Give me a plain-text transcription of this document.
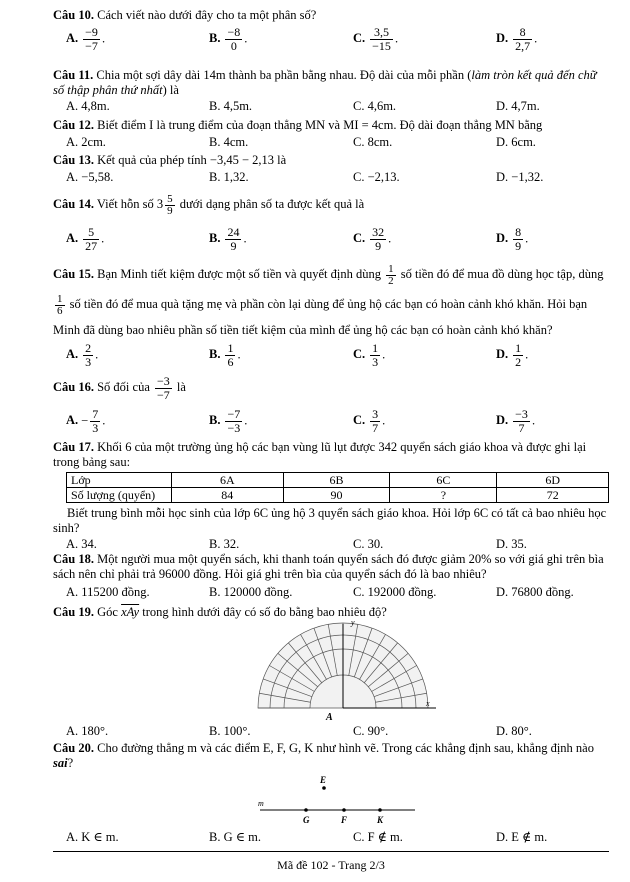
Câu 10. Cách viết nào dưới đây cho ta một phân số?
A. $\frac{-9}{-7}$ .	B. $\frac{-8}{0}$ .	C. $\frac{3,5}{-15}$ .	D. $\frac{8}{2,7}$ .
Câu 11. Chia một sợi dây dài 14m thành ba phần bằng nhau. Độ dài của mỗi phần (làm tròn kết quả đến chữ số thập phân thứ nhất) là
A. 4,8m.	B. 4,5m.	C. 4,6m.	D. 4,7m.
Câu 12. Biết điểm I là trung điểm của đoạn thẳng MN và MI = 4cm. Độ dài đoạn thẳng MN bằng
A. 2cm.	B. 4cm.	C. 8cm.	D. 6cm.
Câu 13. Kết quả của phép tính −3,45 − 2,13 là
A. −5,58.	B. 1,32.	C. −2,13.	D. −1,32.
Câu 14. Viết hỗn số $3 \frac{5}{9}$ dưới dạng phân số ta được kết quả là
A. $\frac{5}{27}$ .	B. $\frac{24}{9}$ .	C. $\frac{32}{9}$ .	D. $\frac{8}{9}$ .
Câu 15. Bạn Minh tiết kiệm được một số tiền và quyết định dùng $\frac{1}{2}$ số tiền đó để mua đồ dùng học tập, dùng
$\frac{1}{6}$ số tiền đó để mua quà tặng mẹ và phần còn lại dùng để ủng hộ các bạn có hoàn cảnh khó khăn. Hỏi bạn
Minh đã dùng bao nhiêu phần số tiền tiết kiệm của mình để ủng hộ các bạn có hoàn cảnh khó khăn?
A. $\frac{2}{3}$ .	B. $\frac{1}{6}$ .	C. $\frac{1}{3}$ .	D. $\frac{1}{2}$ .
Câu 16. Số đối của $\frac{-3}{-7}$ là
A. − $\frac{7}{3}$ .	B. $\frac{-7}{-3}$ .	C. $\frac{3}{7}$ .	D. $\frac{-3}{7}$ .
Câu 17. Khối 6 của một trường ủng hộ các bạn vùng lũ lụt được 342 quyển sách giáo khoa và được ghi lại trong bảng sau:
Lớp	6A	6B	6C	6D
Số lượng (quyển)	84	90	?	72
Biết trung bình mỗi học sinh của lớp 6C ủng hộ 3 quyển sách giáo khoa. Hỏi lớp 6C có tất cả bao nhiêu học sinh?
A. 34.	B. 32.	C. 30.	D. 35.
Câu 18. Một người mua một quyển sách, khi thanh toán quyển sách đó được giảm 20% so với giá ghi trên bìa sách nên chỉ phải trả 96000 đồng. Hỏi giá ghi trên bìa của quyển sách đó là bao nhiêu?
A. 115200 đồng.	B. 120000 đồng.	C. 192000 đồng.	D. 76800 đồng.
Câu 19. Góc $\overline{xAy}$ trong hình dưới đây có số đo bằng bao nhiêu độ?
y
x
A
A. 180°.	B. 100°.	C. 90°.	D. 80°.
Câu 20. Cho đường thẳng m và các điểm E, F, G, K như hình vẽ. Trong các khẳng định sau, khẳng định nào sai?
m
E
G	F	K
A. K ∈ m.	B. G ∈ m.	C. F ∉ m.	D. E ∉ m.
Mã đề 102 - Trang 2/3
